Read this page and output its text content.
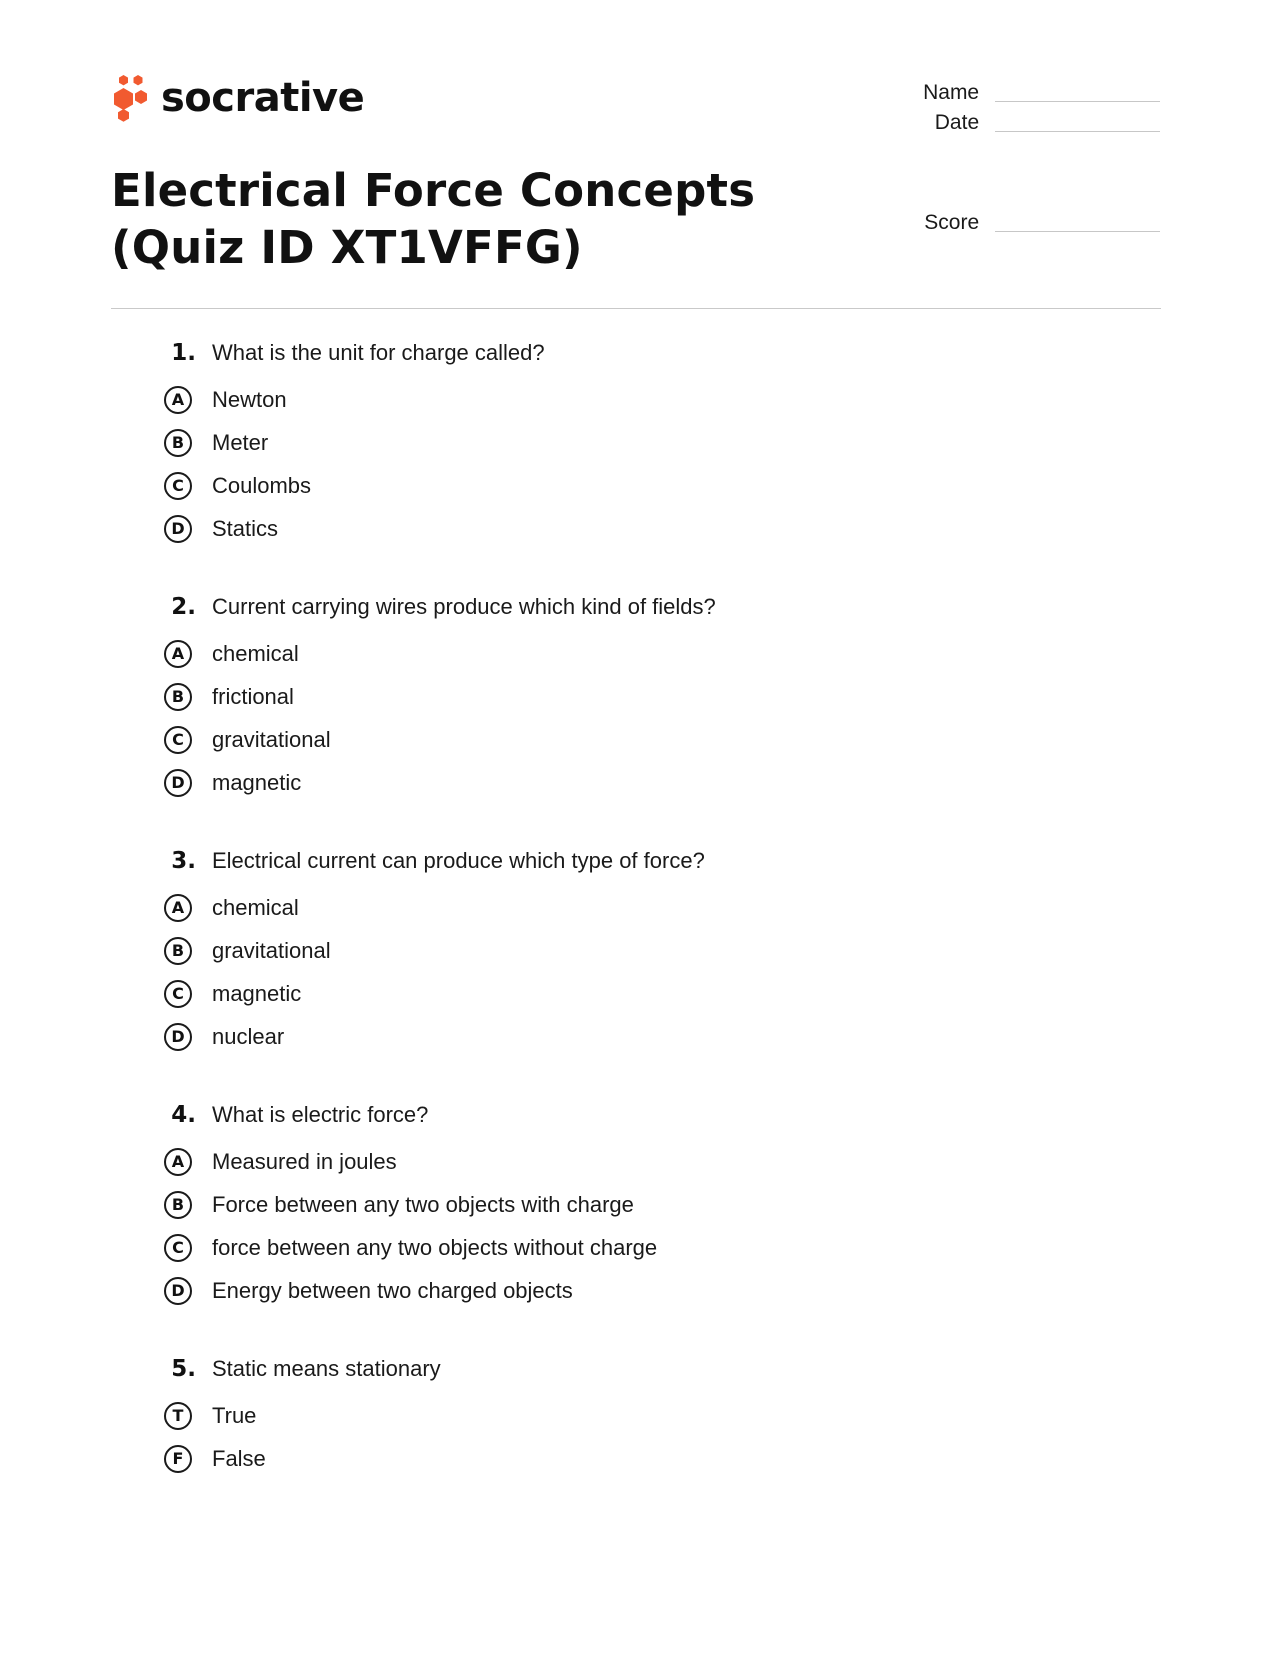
socrative
Electrical Force Concepts (Quiz ID XT1VFFG)
Name
Date
Score
1. What is the unit for charge called?
A	Newton
B	Meter
C	Coulombs
D	Statics
2. Current carrying wires produce which kind of fields?
A	chemical
B	frictional
C	gravitational
D	magnetic
3. Electrical current can produce which type of force?
A	chemical
B	gravitational
C	magnetic
D	nuclear
4. What is electric force?
A	Measured in joules
B	Force between any two objects with charge
C	force between any two objects without charge
D	Energy between two charged objects
5. Static means stationary
T	True
F	False
